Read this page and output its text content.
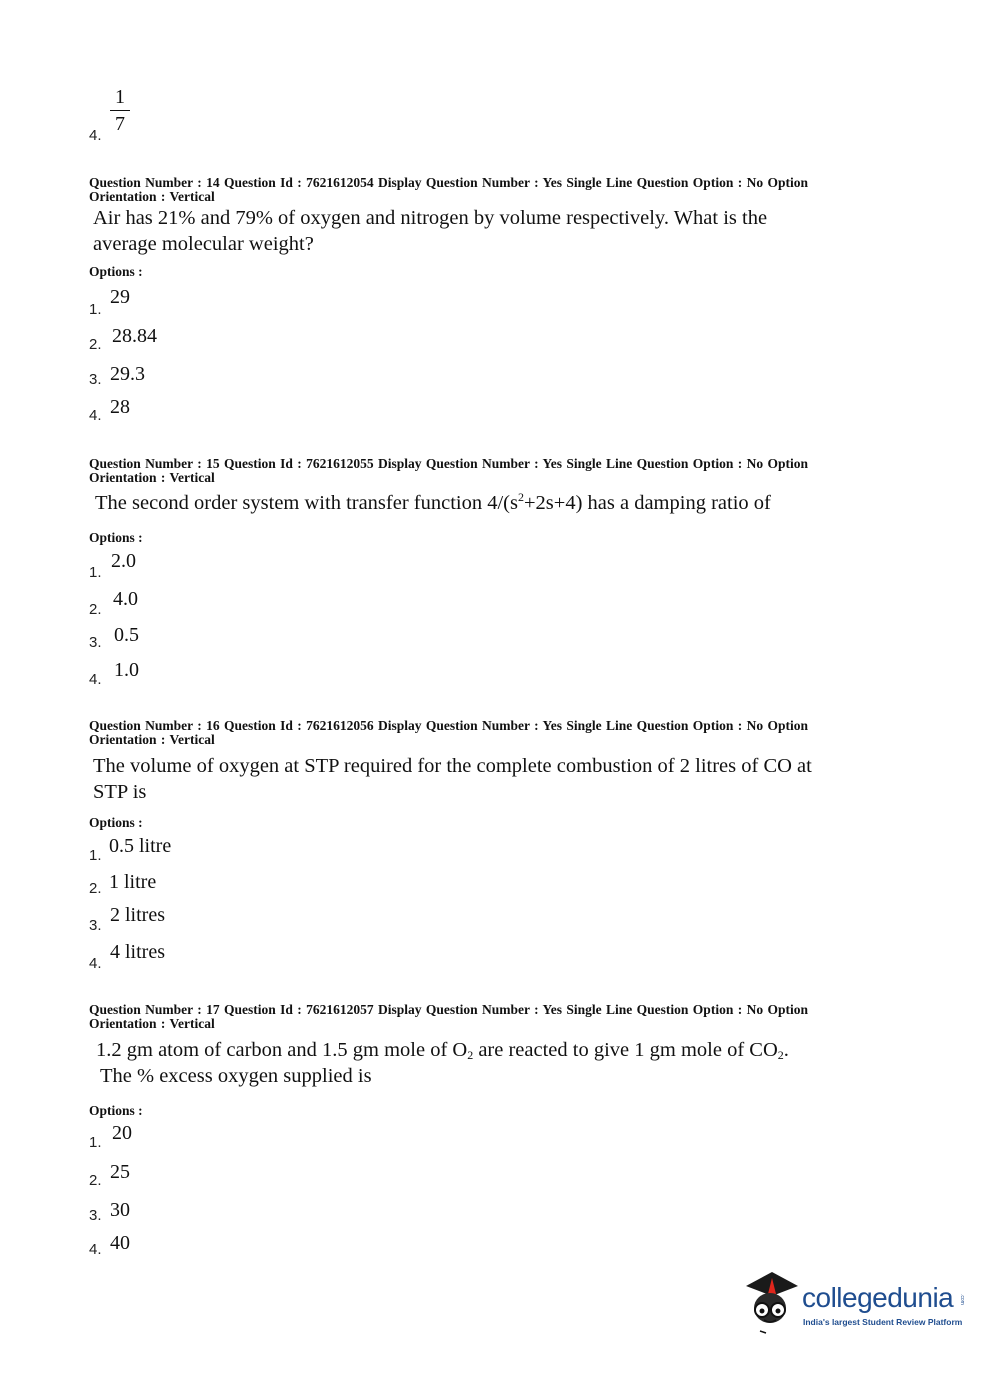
1
7
4.
Question Number : 14 Question Id : 7621612054 Display Question Number : Yes Single Line Question Option : No Option
Orientation : Vertical
Air has 21% and 79% of oxygen and nitrogen by volume respectively. What is the
average molecular weight?
Options :
1.
29
2. 28.84
3. 29.3
4. 28
Question Number : 15 Question Id : 7621612055 Display Question Number : Yes Single Line Question Option : No Option
Orientation : Vertical
The second order system with transfer function $4/(s^2+2s+4)$ has a damping ratio of
Options :
1.
2.0
2. 4.0
3. 0.5
4. 1.0
Question Number : 16 Question Id : 7621612056 Display Question Number : Yes Single Line Question Option : No Option
Orientation : Vertical
The volume of oxygen at STP required for the complete combustion of 2 litres of CO at
STP is
Options :
1. 0.5 litre
2. 1 litre
3. 2 litres
4.
4 litres
Question Number : 17 Question Id : 7621612057 Display Question Number : Yes Single Line Question Option : No Option
Orientation : Vertical
1.2 gm atom of carbon and 1.5 gm mole of $O_2$ are reacted to give 1 gm mole of $CO_2$.
The % excess oxygen supplied is
Options :
1. 20
2. 25
3. 30
4. 40
collegedunia .com
India's largest Student Review Platform
